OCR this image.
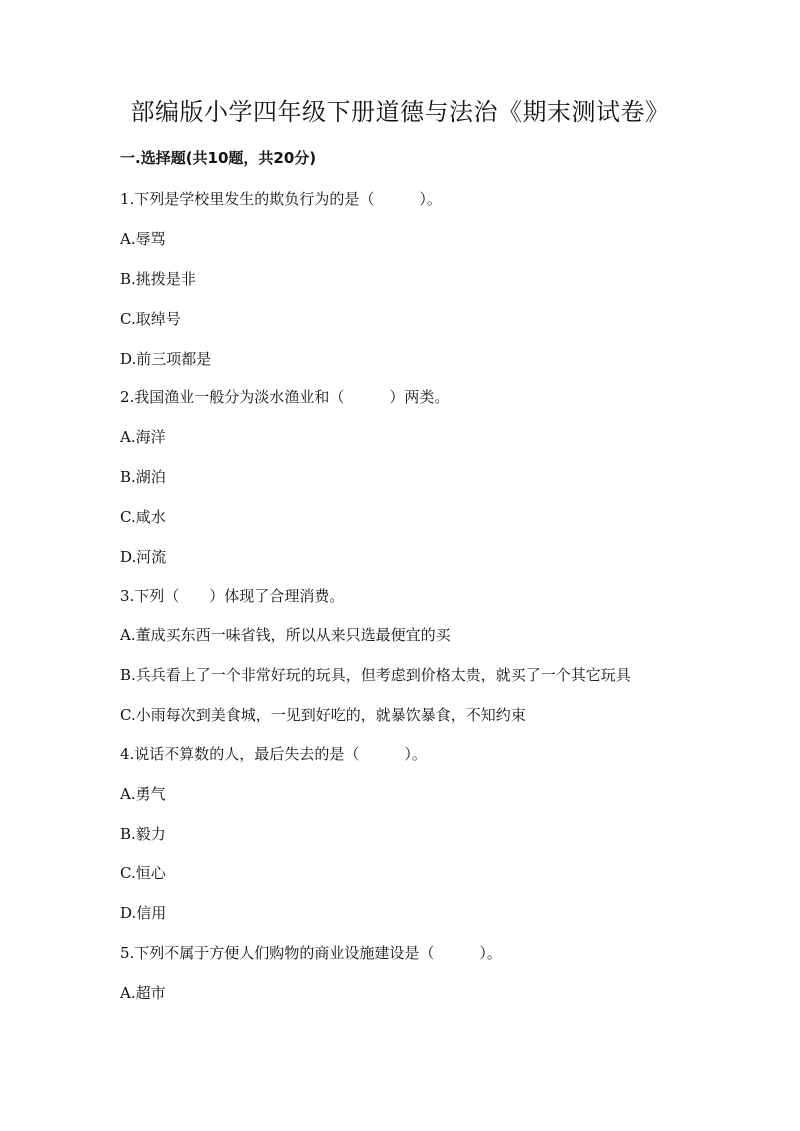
部编版小学四年级下册道德与法治《期末测试卷》
一.选择题(共10题，共20分)
1.下列是学校里发生的欺负行为的是（　　　）。
A.辱骂
B.挑拨是非
C.取绰号
D.前三项都是
2.我国渔业一般分为淡水渔业和（　　　）两类。
A.海洋
B.湖泊
C.咸水
D.河流
3.下列（　　）体现了合理消费。
A.董成买东西一味省钱，所以从来只选最便宜的买
B.兵兵看上了一个非常好玩的玩具，但考虑到价格太贵，就买了一个其它玩具
C.小雨每次到美食城，一见到好吃的，就暴饮暴食，不知约束
4.说话不算数的人，最后失去的是（　　　）。
A.勇气
B.毅力
C.恒心
D.信用
5.下列不属于方便人们购物的商业设施建设是（　　　）。
A.超市
